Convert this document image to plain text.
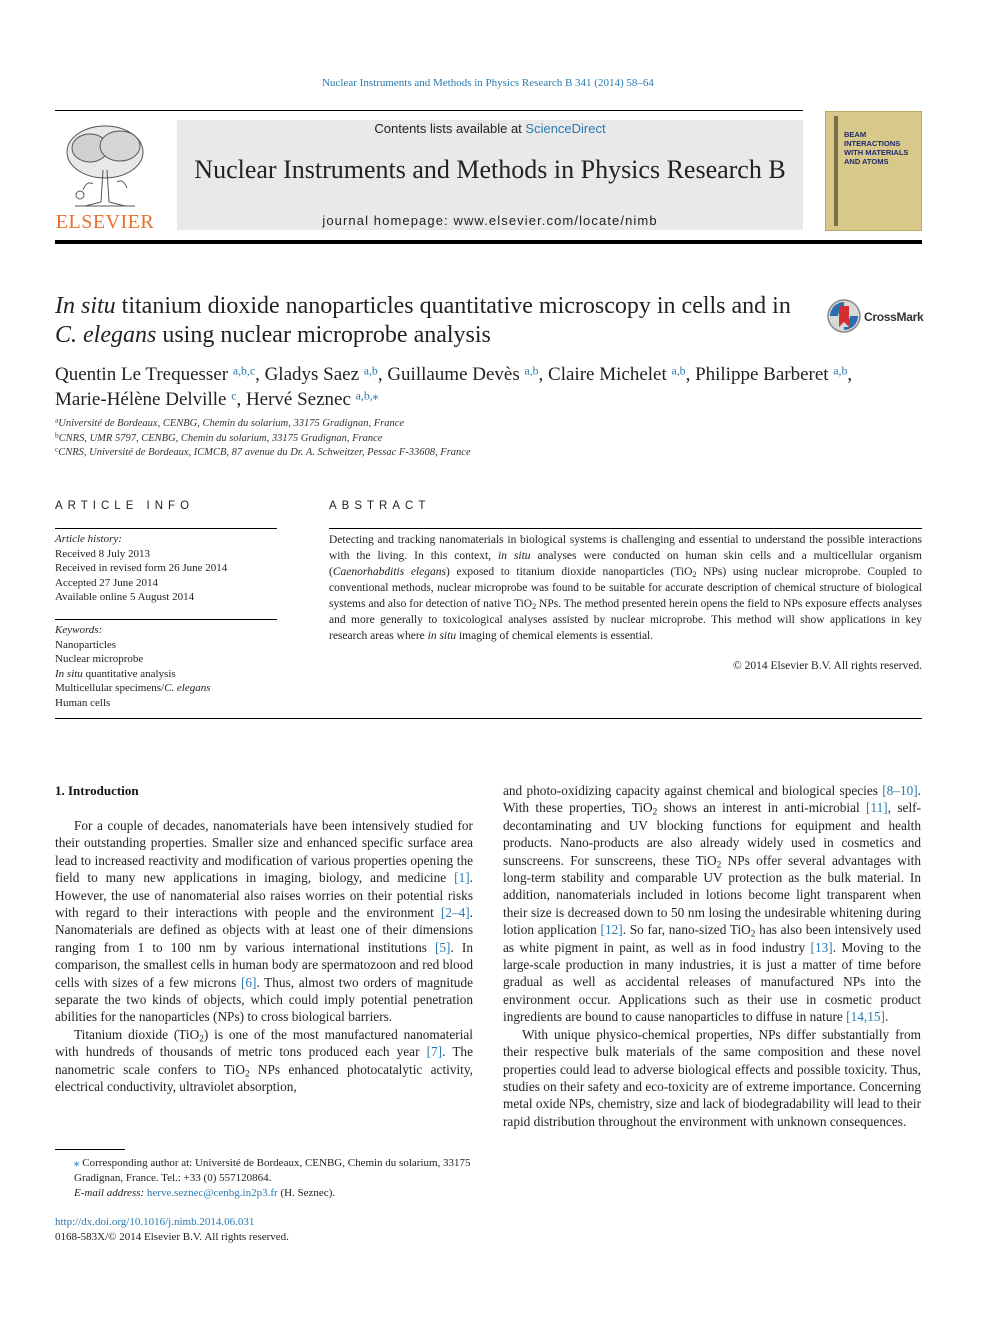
Nuclear Instruments and Methods in Physics Research B 341 (2014) 58–64
ELSEVIER
Contents lists available at ScienceDirect
Nuclear Instruments and Methods in Physics Research B
journal homepage: www.elsevier.com/locate/nimb
BEAM INTERACTIONS WITH MATERIALS AND ATOMS
In situ titanium dioxide nanoparticles quantitative microscopy in cells and in C. elegans using nuclear microprobe analysis
CrossMark
Quentin Le Trequesser $^{a,b,c}$, Gladys Saez $^{a,b}$, Guillaume Devès $^{a,b}$, Claire Michelet $^{a,b}$, Philippe Barberet $^{a,b}$,
Marie-Hélène Delville $^c$, Hervé Seznec $^{a,b,⁎}$
$^a$Université de Bordeaux, CENBG, Chemin du solarium, 33175 Gradignan, France
$^b$CNRS, UMR 5797, CENBG, Chemin du solarium, 33175 Gradignan, France
$^c$CNRS, Université de Bordeaux, ICMCB, 87 avenue du Dr. A. Schweitzer, Pessac F-33608, France
ARTICLE INFO	ABSTRACT
Article history:
Received 8 July 2013
Received in revised form 26 June 2014
Accepted 27 June 2014
Available online 5 August 2014
Keywords:
Nanoparticles
Nuclear microprobe
In situ quantitative analysis
Multicellular specimens/C. elegans
Human cells
Detecting and tracking nanomaterials in biological systems is challenging and essential to understand the possible interactions with the living. In this context, in situ analyses were conducted on human skin cells and a multicellular organism (Caenorhabditis elegans) exposed to titanium dioxide nanoparticles (TiO$_2$ NPs) using nuclear microprobe. Coupled to conventional methods, nuclear microprobe was found to be suitable for accurate description of chemical structure of biological systems and also for detection of native TiO$_2$ NPs. The method presented herein opens the field to NPs exposure effects analyses and more generally to toxicological analyses assisted by nuclear microprobe. This method will show applications in key research areas where in situ imaging of chemical elements is essential.
© 2014 Elsevier B.V. All rights reserved.
1. Introduction

For a couple of decades, nanomaterials have been intensively studied for their outstanding properties. Smaller size and enhanced specific surface area lead to increased reactivity and modification of various properties opening the field to many new applications in imaging, biology, and medicine [1]. However, the use of nanomaterial also raises worries on their potential risks with regard to their interactions with people and the environment [2–4]. Nanomaterials are defined as objects with at least one of their dimensions ranging from 1 to 100 nm by various international institutions [5]. In comparison, the smallest cells in human body are spermatozoon and red blood cells with sizes of a few microns [6]. Thus, almost two orders of magnitude separate the two kinds of objects, which could imply potential penetration abilities for the nanoparticles (NPs) to cross biological barriers.

Titanium dioxide (TiO$_2$) is one of the most manufactured nanomaterial with hundreds of thousands of metric tons produced each year [7]. The nanometric scale confers to TiO$_2$ NPs enhanced photocatalytic activity, electrical conductivity, ultraviolet absorption,

and photo-oxidizing capacity against chemical and biological species [8–10]. With these properties, TiO$_2$ shows an interest in anti-microbial [11], self-decontaminating and UV blocking functions for equipment and health products. Nano-products are also already widely used in cosmetics and sunscreens. For sunscreens, these TiO$_2$ NPs offer several advantages with long-term stability and comparable UV protection as the bulk material. In addition, nanomaterials included in lotions become light transparent when their size is decreased down to 50 nm losing the undesirable whitening during lotion application [12]. So far, nano-sized TiO$_2$ has also been intensively used as white pigment in paint, as well as in food industry [13]. Moving to the large-scale production in many industries, it is just a matter of time before gradual as well as accidental releases of manufactured NPs into the environment occur. Applications such as their use in cosmetic product ingredients are bound to cause nanoparticles to diffuse in nature [14,15].

With unique physico-chemical properties, NPs differ substantially from their respective bulk materials of the same composition and these novel properties could lead to adverse biological effects and possible toxicity. Thus, studies on their safety and eco-toxicity are of extreme importance. Concerning metal oxide NPs, chemistry, size and lack of biodegradability will lead to their rapid distribution throughout the environment with unknown consequences.

⁎ Corresponding author at: Université de Bordeaux, CENBG, Chemin du solarium, 33175 Gradignan, France. Tel.: +33 (0) 557120864.
E-mail address: herve.seznec@cenbg.in2p3.fr (H. Seznec).
http://dx.doi.org/10.1016/j.nimb.2014.06.031
0168-583X/© 2014 Elsevier B.V. All rights reserved.
